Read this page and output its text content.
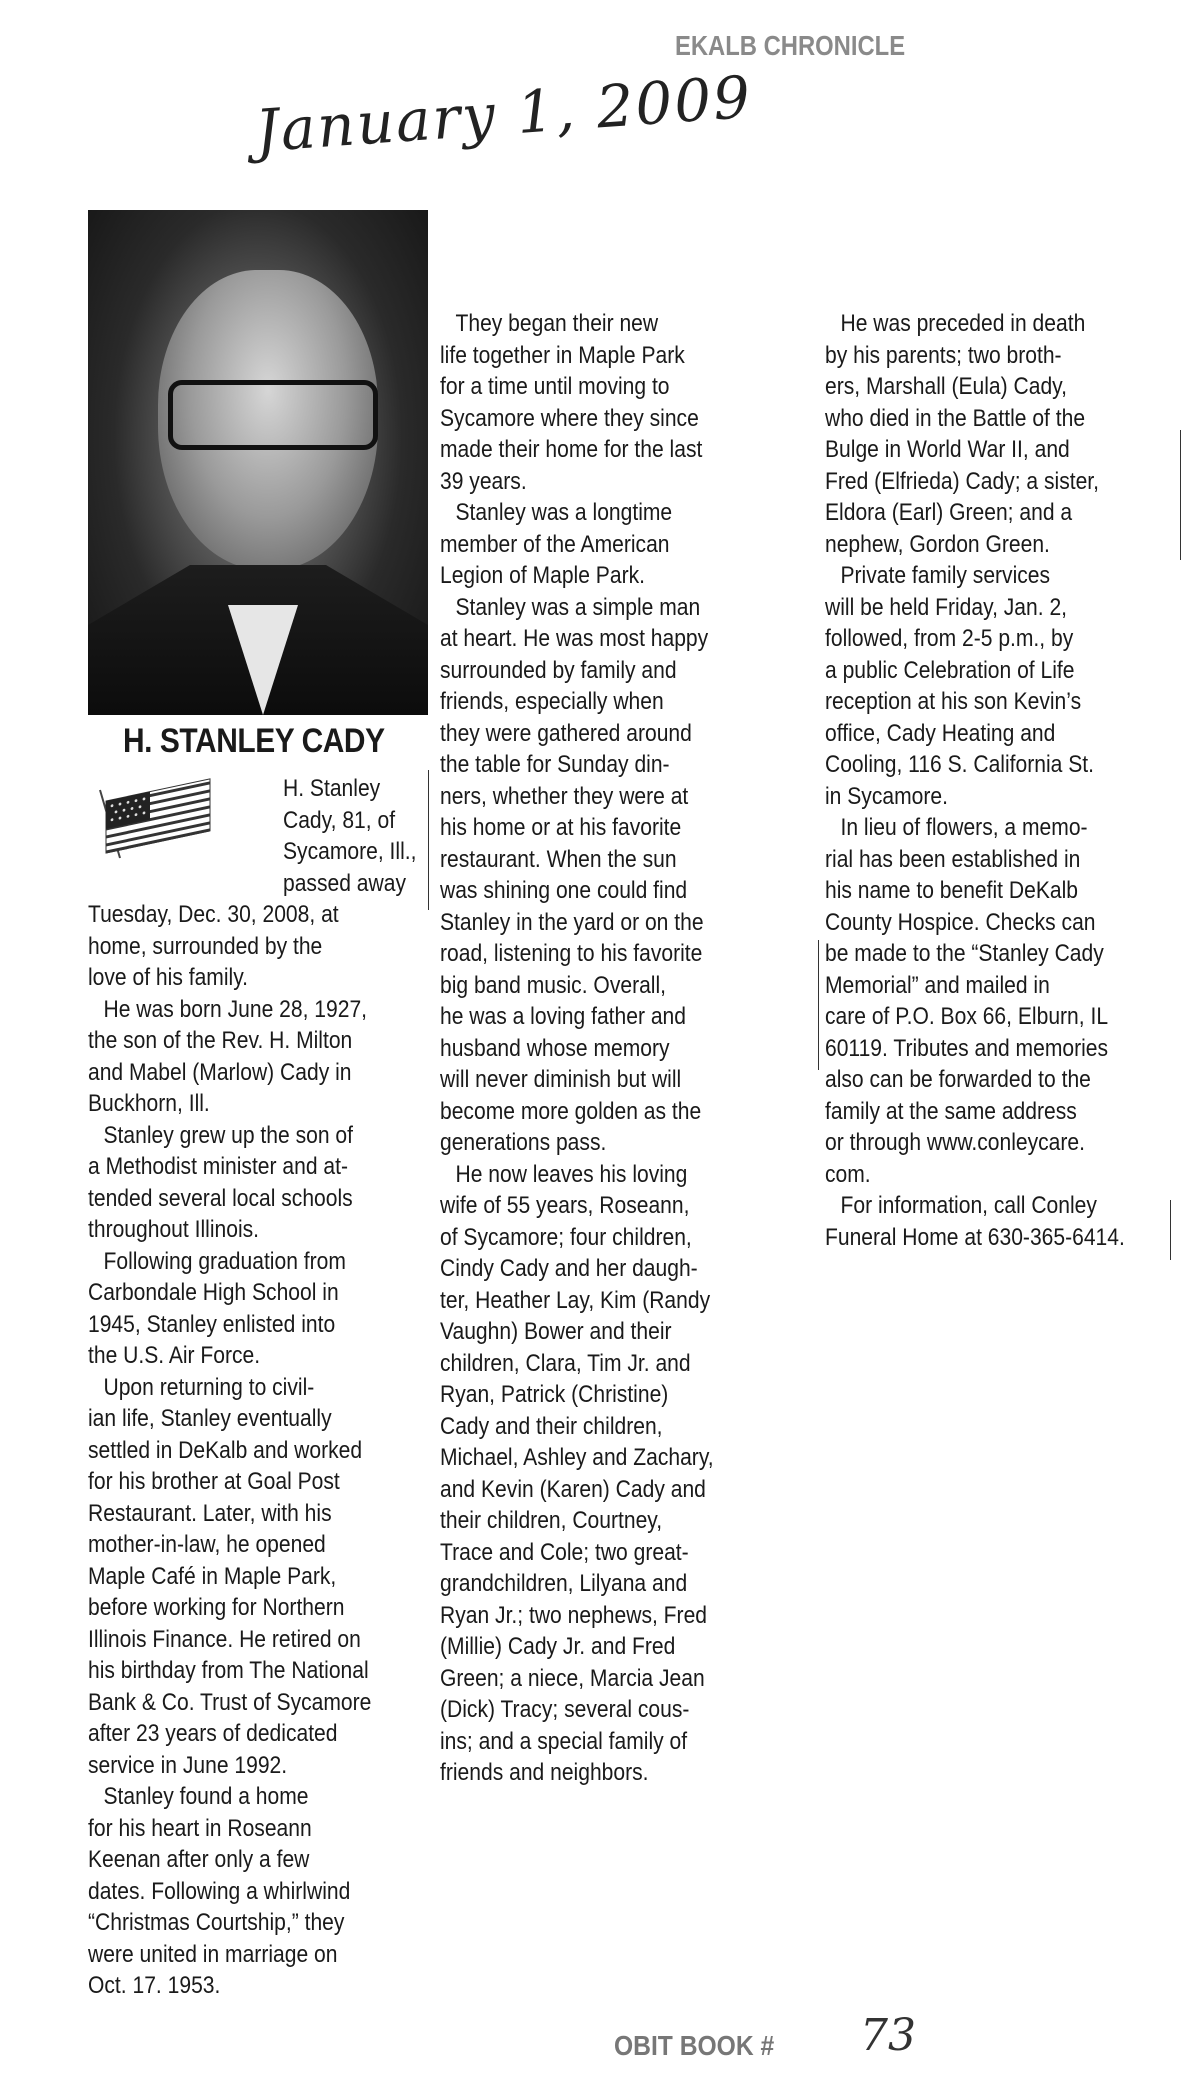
EKALB CHRONICLE
January 1, 2009
H. STANLEY CADY

H. Stanley

Cady, 81, of

Sycamore, Ill.,

passed away

Tuesday, Dec. 30, 2008, at

home, surrounded by the

love of his family.

He was born June 28, 1927,

the son of the Rev. H. Milton

and Mabel (Marlow) Cady in

Buckhorn, Ill.

Stanley grew up the son of

a Methodist minister and at-

tended several local schools

throughout Illinois.

Following graduation from

Carbondale High School in

1945, Stanley enlisted into

the U.S. Air Force.

Upon returning to civil-

ian life, Stanley eventually

settled in DeKalb and worked

for his brother at Goal Post

Restaurant. Later, with his

mother-in-law, he opened

Maple Café in Maple Park,

before working for Northern

Illinois Finance. He retired on

his birthday from The National

Bank & Co. Trust of Sycamore

after 23 years of dedicated

service in June 1992.

Stanley found a home

for his heart in Roseann

Keenan after only a few

dates. Following a whirlwind

“Christmas Courtship,” they

were united in marriage on

Oct. 17. 1953.

They began their new

life together in Maple Park

for a time until moving to

Sycamore where they since

made their home for the last

39 years.

Stanley was a longtime

member of the American

Legion of Maple Park.

Stanley was a simple man

at heart. He was most happy

surrounded by family and

friends, especially when

they were gathered around

the table for Sunday din-

ners, whether they were at

his home or at his favorite

restaurant. When the sun

was shining one could find

Stanley in the yard or on the

road, listening to his favorite

big band music. Overall,

he was a loving father and

husband whose memory

will never diminish but will

become more golden as the

generations pass.

He now leaves his loving

wife of 55 years, Roseann,

of Sycamore; four children,

Cindy Cady and her daugh-

ter, Heather Lay, Kim (Randy

Vaughn) Bower and their

children, Clara, Tim Jr. and

Ryan, Patrick (Christine)

Cady and their children,

Michael, Ashley and Zachary,

and Kevin (Karen) Cady and

their children, Courtney,

Trace and Cole; two great-

grandchildren, Lilyana and

Ryan Jr.; two nephews, Fred

(Millie) Cady Jr. and Fred

Green; a niece, Marcia Jean

(Dick) Tracy; several cous-

ins; and a special family of

friends and neighbors.

He was preceded in death

by his parents; two broth-

ers, Marshall (Eula) Cady,

who died in the Battle of the

Bulge in World War II, and

Fred (Elfrieda) Cady; a sister,

Eldora (Earl) Green; and a

nephew, Gordon Green.

Private family services

will be held Friday, Jan. 2,

followed, from 2-5 p.m., by

a public Celebration of Life

reception at his son Kevin’s

office, Cady Heating and

Cooling, 116 S. California St.

in Sycamore.

In lieu of flowers, a memo-

rial has been established in

his name to benefit DeKalb

County Hospice. Checks can

be made to the “Stanley Cady

Memorial” and mailed in

care of P.O. Box 66, Elburn, IL

60119. Tributes and memories

also can be forwarded to the

family at the same address

or through www.conleycare.

com.

For information, call Conley

Funeral Home at 630-365-6414.

OBIT BOOK # 73
